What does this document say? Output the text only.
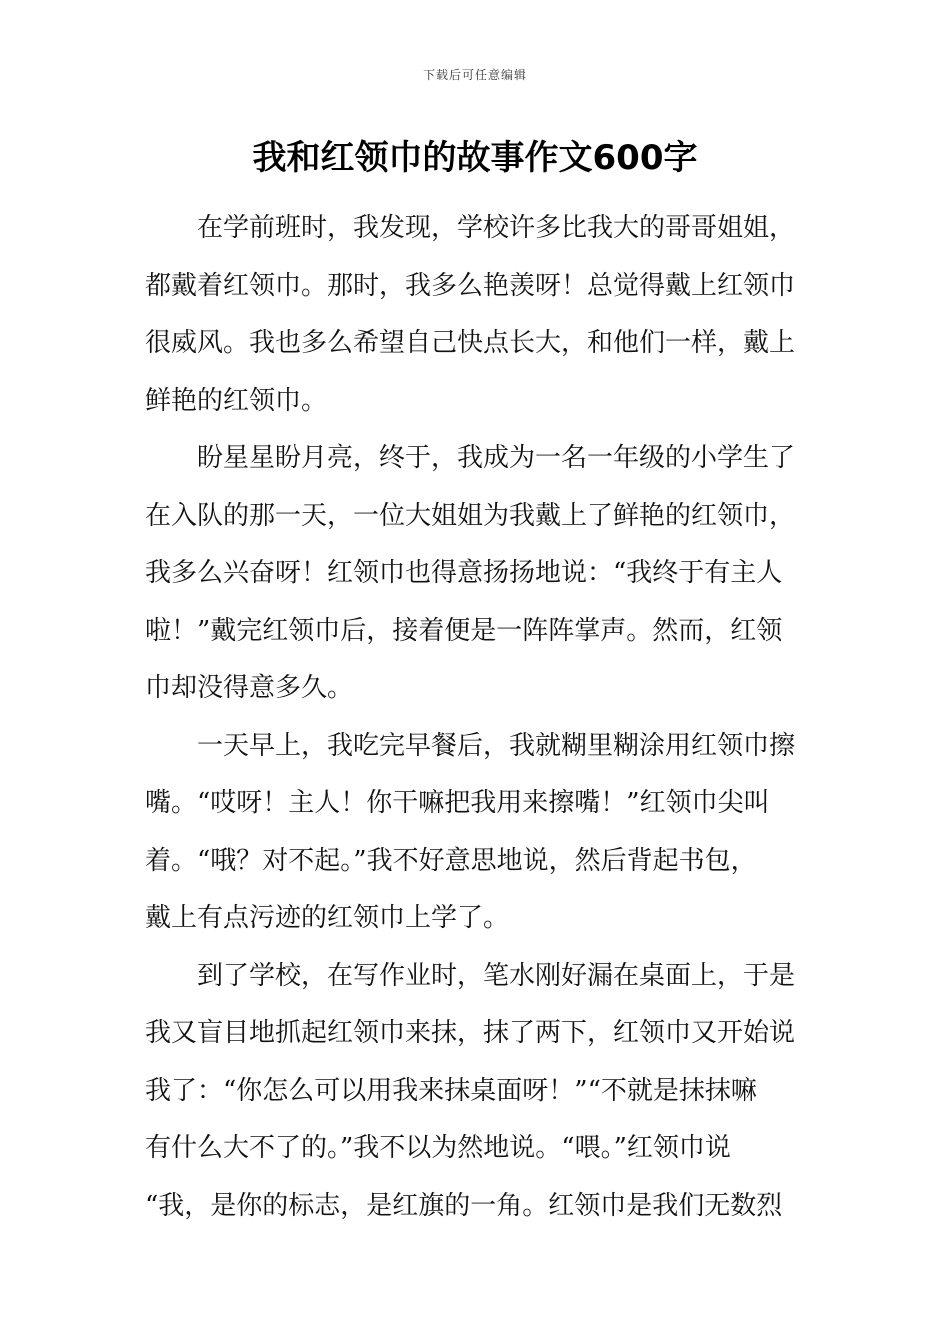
下载后可任意编辑
我和红领巾的故事作文600字
在学前班时，我发现，学校许多比我大的哥哥姐姐，
都戴着红领巾。那时，我多么艳羡呀！总觉得戴上红领巾
很威风。我也多么希望自己快点长大，和他们一样，戴上
鲜艳的红领巾。
盼星星盼月亮，终于，我成为一名一年级的小学生了
在入队的那一天，一位大姐姐为我戴上了鲜艳的红领巾，
我多么兴奋呀！红领巾也得意扬扬地说：“我终于有主人
啦！”戴完红领巾后，接着便是一阵阵掌声。然而，红领
巾却没得意多久。
一天早上，我吃完早餐后，我就糊里糊涂用红领巾擦
嘴。“哎呀！主人！你干嘛把我用来擦嘴！”红领巾尖叫
着。“哦？对不起。”我不好意思地说，然后背起书包，
戴上有点污迹的红领巾上学了。
到了学校，在写作业时，笔水刚好漏在桌面上，于是
我又盲目地抓起红领巾来抹，抹了两下，红领巾又开始说
我了：“你怎么可以用我来抹桌面呀！”“不就是抹抹嘛
有什么大不了的。”我不以为然地说。“喂。”红领巾说
“我，是你的标志，是红旗的一角。红领巾是我们无数烈
